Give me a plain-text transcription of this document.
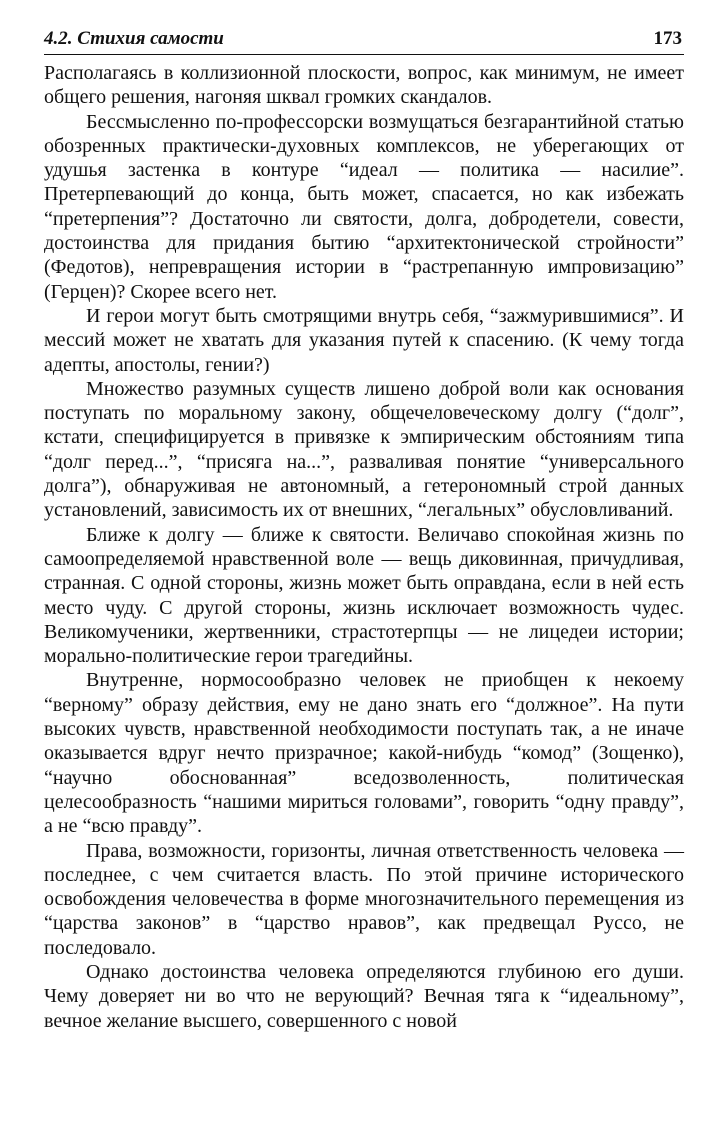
4.2. Стихия самости	173

Располагаясь в коллизионной плоскости, вопрос, как минимум, не имеет общего решения, нагоняя шквал громких скандалов.

Бессмысленно по-профессорски возмущаться безгарантийной статью обозренных практически-духовных комплексов, не уберегающих от удушья застенка в контуре “идеал — политика — насилие”. Претерпевающий до конца, быть может, спасается, но как избежать “претерпения”? Достаточно ли святости, долга, добродетели, совести, достоинства для придания бытию “архитектонической стройности” (Федотов), непревращения истории в “растрепанную импровизацию” (Герцен)? Скорее всего нет.

И герои могут быть смотрящими внутрь себя, “зажмурившимися”. И мессий может не хватать для указания путей к спасению. (К чему тогда адепты, апостолы, гении?)

Множество разумных существ лишено доброй воли как основания поступать по моральному закону, общечеловеческому долгу (“долг”, кстати, специфицируется в привязке к эмпирическим обстояниям типа “долг перед...”, “присяга на...”, разваливая понятие “универсального долга”), обнаруживая не автономный, а гетерономный строй данных установлений, зависимость их от внешних, “легальных” обусловливаний.

Ближе к долгу — ближе к святости. Величаво спокойная жизнь по самоопределяемой нравственной воле — вещь диковинная, причудливая, странная. С одной стороны, жизнь может быть оправдана, если в ней есть место чуду. С другой стороны, жизнь исключает возможность чудес. Великомученики, жертвенники, страстотерпцы — не лицедеи истории; морально-политические герои трагедийны.

Внутренне, нормосообразно человек не приобщен к некоему “верному” образу действия, ему не дано знать его “должное”. На пути высоких чувств, нравственной необходимости поступать так, а не иначе оказывается вдруг нечто призрачное; какой-нибудь “комод” (Зощенко), “научно обоснованная” вседозволенность, политическая целесообразность “нашими мириться головами”, говорить “одну правду”, а не “всю правду”.

Права, возможности, горизонты, личная ответственность человека — последнее, с чем считается власть. По этой причине исторического освобождения человечества в форме многозначительного перемещения из “царства законов” в “царство нравов”, как предвещал Руссо, не последовало.

Однако достоинства человека определяются глубиною его души. Чему доверяет ни во что не верующий? Вечная тяга к “идеальному”, вечное желание высшего, совершенного с новой
